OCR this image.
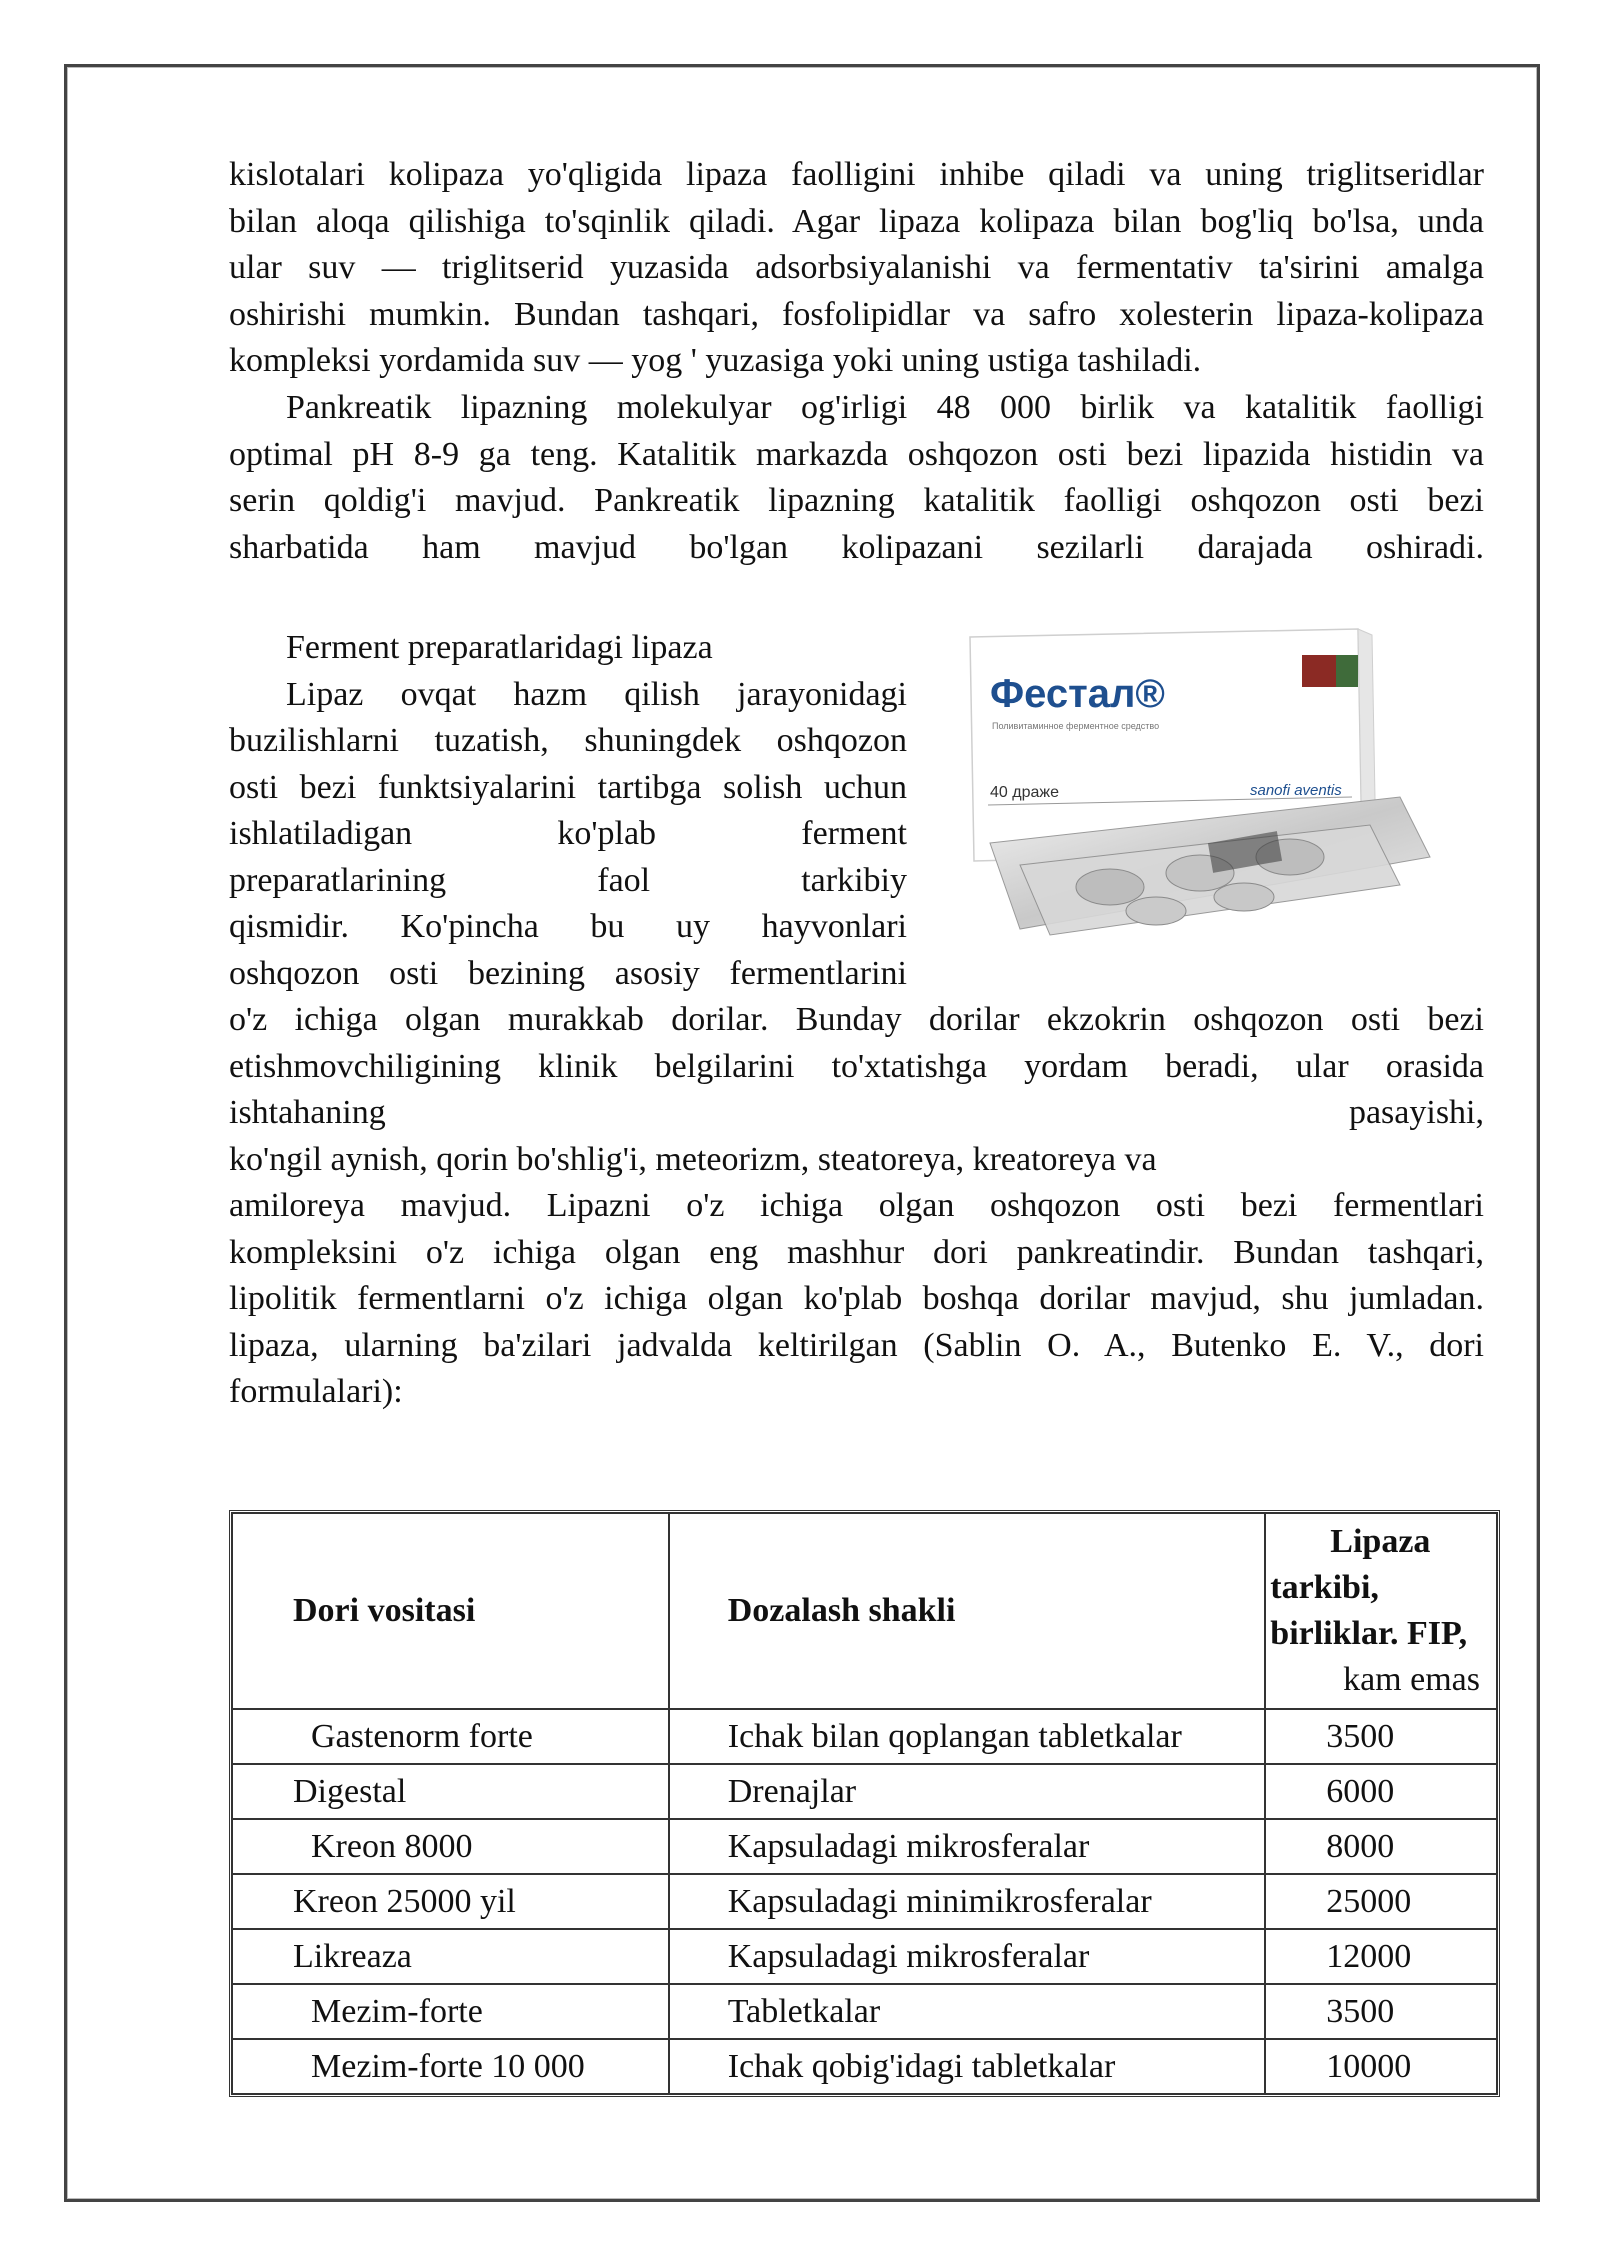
kislotalari kolipaza yo'qligida lipaza faolligini inhibe qiladi va uning triglitseridlar
bilan aloqa qilishiga to'sqinlik qiladi. Agar lipaza kolipaza bilan bog'liq bo'lsa, unda
ular suv — triglitserid yuzasida adsorbsiyalanishi va fermentativ ta'sirini amalga
oshirishi mumkin. Bundan tashqari, fosfolipidlar va safro xolesterin lipaza-kolipaza
kompleksi yordamida suv — yog ' yuzasiga yoki uning ustiga tashiladi.
Pankreatik lipazning molekulyar og'irligi 48 000 birlik va katalitik faolligi
optimal pH 8-9 ga teng. Katalitik markazda oshqozon osti bezi lipazida histidin va
serin qoldig'i mavjud. Pankreatik lipazning katalitik faolligi oshqozon osti bezi
sharbatida ham mavjud bo'lgan kolipazani sezilarli darajada oshiradi.
Ferment preparatlaridagi lipaza
Lipaz ovqat hazm qilish jarayonidagi
buzilishlarni tuzatish, shuningdek oshqozon
osti bezi funktsiyalarini tartibga solish uchun
ishlatiladigan ko'plab ferment
preparatlarining faol tarkibiy
qismidir. Ko'pincha bu uy hayvonlari
oshqozon osti bezining asosiy fermentlarini
Фестал®
Поливитаминное ферментное средство
40 драже	sanofi aventis
o'z ichiga olgan murakkab dorilar. Bunday dorilar ekzokrin oshqozon osti bezi
etishmovchiligining klinik belgilarini to'xtatishga yordam beradi, ular orasida
ishtahaning pasayishi,
ko'ngil aynish, qorin bo'shlig'i, meteorizm, steatoreya, kreatoreya va
amiloreya mavjud. Lipazni o'z ichiga olgan oshqozon osti bezi fermentlari
kompleksini o'z ichiga olgan eng mashhur dori pankreatindir. Bundan tashqari,
lipolitik fermentlarni o'z ichiga olgan ko'plab boshqa dorilar mavjud, shu jumladan.
lipaza, ularning ba'zilari jadvalda keltirilgan (Sablin O. A., Butenko E. V., dori
formulalari):
Dori vositasi	Dozalash shakli	Lipaza
tarkibi,
birliklar. FIP,
kam emas

Gastenorm forte	Ichak bilan qoplangan tabletkalar	3500
Digestal	Drenajlar	6000
Kreon 8000	Kapsuladagi mikrosferalar	8000
Kreon 25000 yil	Kapsuladagi minimikrosferalar	25000
Likreaza	Kapsuladagi mikrosferalar	12000
Mezim-forte	Tabletkalar	3500
Mezim-forte 10 000	Ichak qobig'idagi tabletkalar	10000
